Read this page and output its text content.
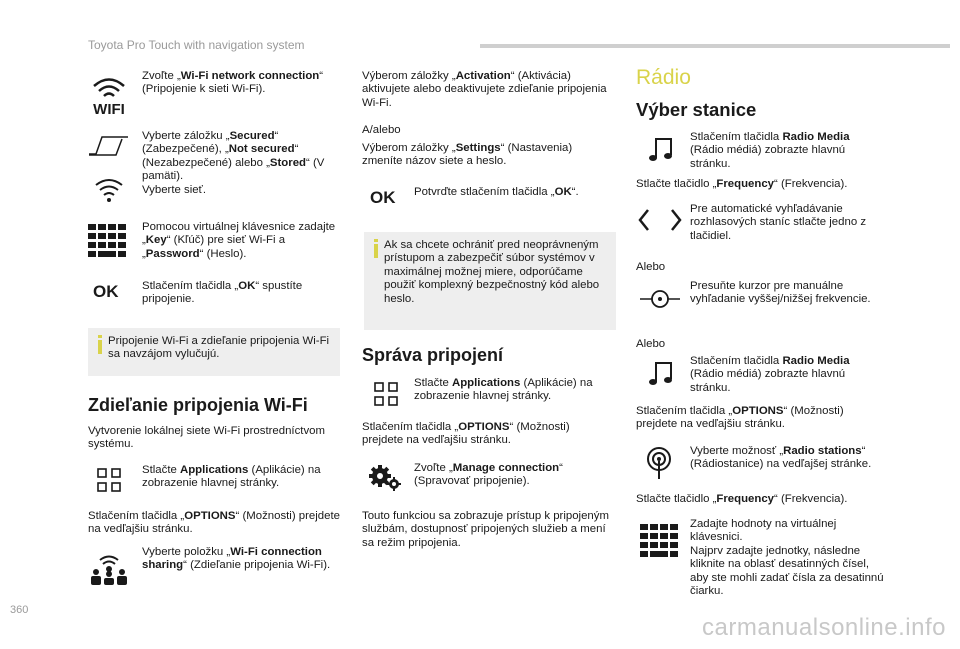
Toyota Pro Touch with navigation system
WIFI
Zvoľte „Wi-Fi network connection“ (Pripojenie k sieti Wi-Fi).
Vyberte záložku „Secured“ (Zabezpečené), „Not secured“ (Nezabezpečené) alebo „Stored“ (V pamäti).
Vyberte sieť.
Pomocou virtuálnej klávesnice zadajte „Key“ (Kľúč) pre sieť Wi-Fi a „Password“ (Heslo).
OK Stlačením tlačidla „OK“ spustíte pripojenie.
Pripojenie Wi-Fi a zdieľanie pripojenia Wi-Fi sa navzájom vylučujú.
Zdieľanie pripojenia Wi-Fi
Vytvorenie lokálnej siete Wi-Fi prostredníctvom systému.
Stlačte Applications (Aplikácie) na zobrazenie hlavnej stránky.
Stlačením tlačidla „OPTIONS“ (Možnosti) prejdete na vedľajšiu stránku.
Vyberte položku „Wi-Fi connection sharing“ (Zdieľanie pripojenia Wi-Fi).
Výberom záložky „Activation“ (Aktivácia) aktivujete alebo deaktivujete zdieľanie pripojenia Wi-Fi.
A/alebo
Výberom záložky „Settings“ (Nastavenia) zmeníte názov siete a heslo.
OK Potvrďte stlačením tlačidla „OK“.
Ak sa chcete ochrániť pred neoprávneným prístupom a zabezpečiť súbor systémov v maximálnej možnej miere, odporúčame použiť komplexný bezpečnostný kód alebo heslo.
Správa pripojení
Stlačte Applications (Aplikácie) na zobrazenie hlavnej stránky.
Stlačením tlačidla „OPTIONS“ (Možnosti) prejdete na vedľajšiu stránku.
Zvoľte „Manage connection“ (Spravovať pripojenie).
Touto funkciou sa zobrazuje prístup k pripojeným službám, dostupnosť pripojených služieb a mení sa režim pripojenia.
Rádio
Výber stanice
Stlačením tlačidla Radio Media (Rádio médiá) zobrazte hlavnú stránku.
Stlačte tlačidlo „Frequency“ (Frekvencia).
Pre automatické vyhľadávanie rozhlasových staníc stlačte jedno z tlačidiel.
Alebo
Presuňte kurzor pre manuálne vyhľadanie vyššej/nižšej frekvencie.
Alebo
Stlačením tlačidla Radio Media (Rádio médiá) zobrazte hlavnú stránku.
Stlačením tlačidla „OPTIONS“ (Možnosti) prejdete na vedľajšiu stránku.
Vyberte možnosť „Radio stations“ (Rádiostanice) na vedľajšej stránke.
Stlačte tlačidlo „Frequency“ (Frekvencia).
Zadajte hodnoty na virtuálnej klávesnici.
Najprv zadajte jednotky, následne kliknite na oblasť desatinných čísel, aby ste mohli zadať čísla za desatinnú čiarku.
360
carmanualsonline.info
